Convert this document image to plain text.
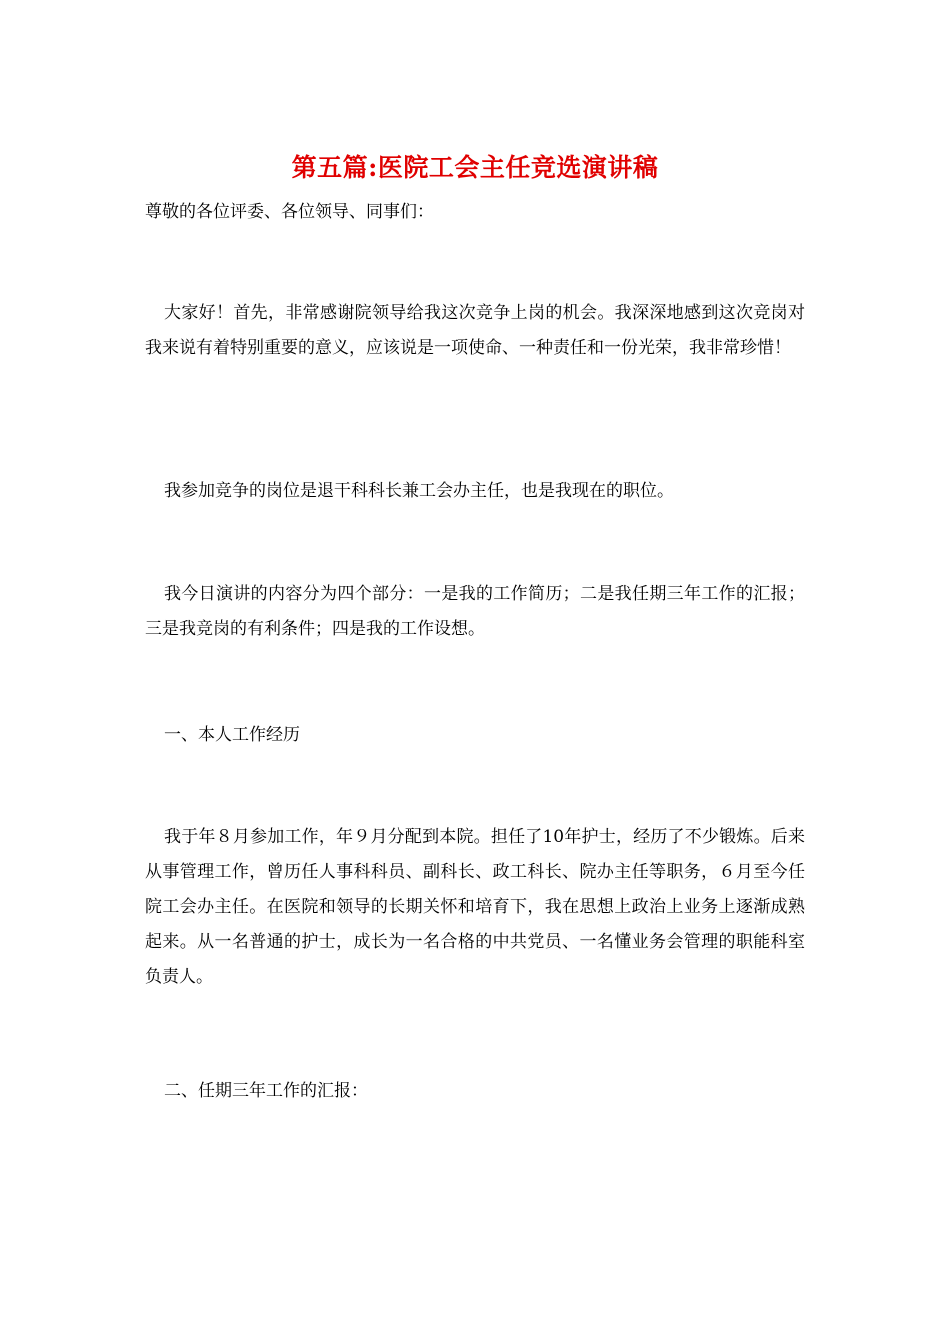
第五篇:医院工会主任竞选演讲稿
尊敬的各位评委、各位领导、同事们：
大家好！首先，非常感谢院领导给我这次竞争上岗的机会。我深深地感到这次竞岗对我来说有着特别重要的意义，应该说是一项使命、一种责任和一份光荣，我非常珍惜！
我参加竞争的岗位是退干科科长兼工会办主任，也是我现在的职位。
我今日演讲的内容分为四个部分：一是我的工作简历；二是我任期三年工作的汇报；三是我竞岗的有利条件；四是我的工作设想。
一、本人工作经历
我于年８月参加工作，年９月分配到本院。担任了10年护士，经历了不少锻炼。后来从事管理工作，曾历任人事科科员、副科长、政工科长、院办主任等职务，６月至今任院工会办主任。在医院和领导的长期关怀和培育下，我在思想上政治上业务上逐渐成熟起来。从一名普通的护士，成长为一名合格的中共党员、一名懂业务会管理的职能科室负责人。
二、任期三年工作的汇报：
